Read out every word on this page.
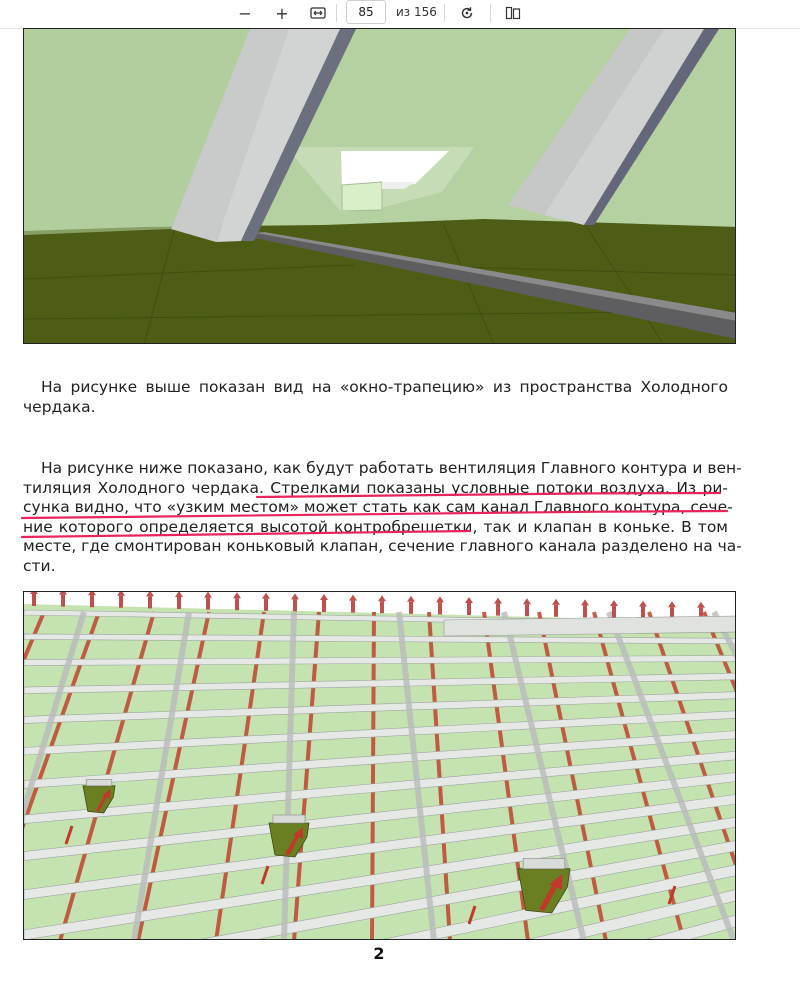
− +
85	из 156
На рисунке выше показан вид на «окно-трапецию» из пространства Холодного
чердака.
На рисунке ниже показано, как будут работать вентиляция Главного контура и вен-
тиляция Холодного чердака. Стрелками показаны условные потоки воздуха. Из ри-
сунка видно, что «узким местом» может стать как сам канал Главного контура, сече-
ние которого определяется высотой контробрешетки, так и клапан в коньке. В том
месте, где смонтирован коньковый клапан, сечение главного канала разделено на ча-
сти.
2
